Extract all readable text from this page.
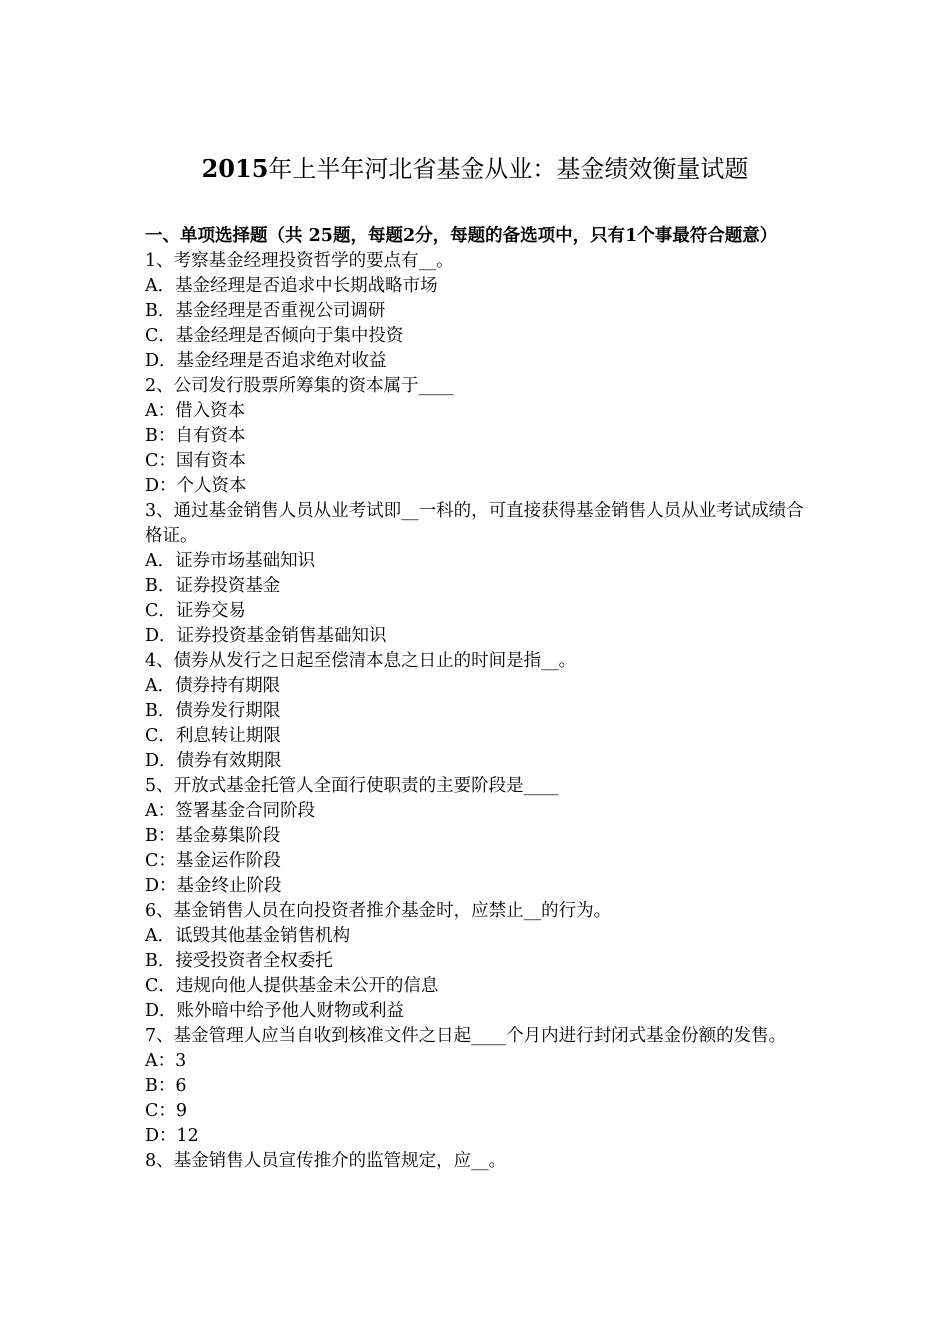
2015年上半年河北省基金从业：基金绩效衡量试题
一、单项选择题（共 25题，每题2分，每题的备选项中，只有1个事最符合题意）
1、考察基金经理投资哲学的要点有__。
A．基金经理是否追求中长期战略市场
B．基金经理是否重视公司调研
C．基金经理是否倾向于集中投资
D．基金经理是否追求绝对收益
2、公司发行股票所筹集的资本属于____
A：借入资本
B：自有资本
C：国有资本
D：个人资本
3、通过基金销售人员从业考试即__一科的，可直接获得基金销售人员从业考试成绩合格证。
A．证券市场基础知识
B．证券投资基金
C．证券交易
D．证券投资基金销售基础知识
4、债券从发行之日起至偿清本息之日止的时间是指__。
A．债券持有期限
B．债券发行期限
C．利息转让期限
D．债券有效期限
5、开放式基金托管人全面行使职责的主要阶段是____
A：签署基金合同阶段
B：基金募集阶段
C：基金运作阶段
D：基金终止阶段
6、基金销售人员在向投资者推介基金时，应禁止__的行为。
A．诋毁其他基金销售机构
B．接受投资者全权委托
C．违规向他人提供基金未公开的信息
D．账外暗中给予他人财物或利益
7、基金管理人应当自收到核准文件之日起____个月内进行封闭式基金份额的发售。
A：3
B：6
C：9
D：12
8、基金销售人员宣传推介的监管规定，应__。
